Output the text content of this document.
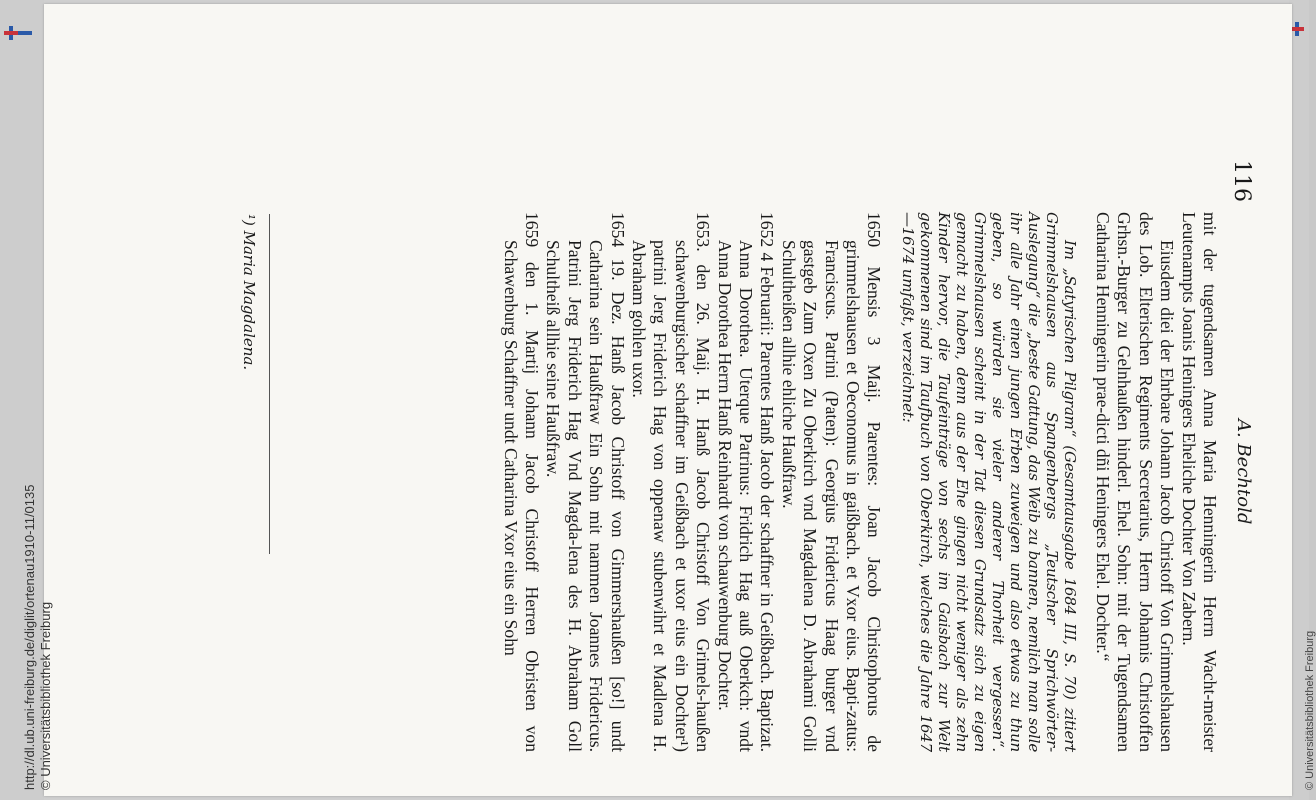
116
A. Bechtold

mit der tugendsamen Anna Maria Henningerin Herrn Wacht-meister Leutenampts Joanis Heningers Eheliche Dochter Von Zabern.

Eiusdem diei der Ehrbare Johann Jacob Christoff Von Grimmelshausen des Lob. Elterischen Regiments Secretarius, Herrn Johannis Christoffen Grhsn.-Burger zu Gelnhaußen hinderl. Ehel. Sohn: mit der Tugendsamen Catharina Henningerin prae-dicti dñi Heningers Ehel. Dochter.“

Im „Satyrischen Pilgram“ (Gesamtausgabe 1684 III, S. 70) zitiert Grimmelshausen aus Spangenbergs „Teutscher Sprichwörter-Auslegung“ die „beste Gattung, das Weib zu bannen, nemlich man solle ihr alle Jahr einen jungen Erben zuweigen und also etwas zu thun geben, so würden sie vieler anderer Thorheit vergessen“. Grimmelshausen scheint in der Tat diesen Grundsatz sich zu eigen gemacht zu haben, denn aus der Ehe gingen nicht weniger als zehn Kinder hervor, die Taufeinträge von sechs im Gaisbach zur Welt gekommenen sind im Taufbuch von Oberkirch, welches die Jahre 1647—1674 umfaßt, verzeichnet:

1650 Mensis 3 Maij. Parentes: Joan Jacob Christophorus de grimmelshausen et Oeconomus in gaißbach. et Vxor eius. Bapti-zatus: Franciscus. Patrini (Paten): Georgius Fridericus Haag burger vnd gastgeb Zum Oxen Zu Oberkirch vnd Magdalena D. Abrahami Golli Schultheißen allhie ehliche Haußfraw.

1652 4 Februarii: Parentes Hanß Jacob der schaffner in Geißbach. Baptizat. Anna Dorothea. Uterque Patrinus: Fridrich Hag auß Oberkch: vndt Anna Dorothea Herrn Hanß Reinhardt von schauwenburg Dochter.

1653. den 26. Maij. H. Hanß Jacob Christoff Von Grimels-haußen schawenburgischer schaffner im Geißbach et uxor eius ein Dochter¹) patrini Jerg Friderich Hag von oppenaw stubenwihrt et Madlena H. Abraham gohlen uxor.

1654 19. Dez. Hanß Jacob Christoff von Gimmershaußen [so!] undt Catharina sein Haußfraw Ein Sohn mit nammen Joannes Fridericus. Patrini Jerg Friderich Hag Vnd Magda-lena des H. Abraham Goll Schultheiß allhie seine Haußfraw.

1659 den 1. Martij Johann Jacob Christoff Herren Obristen von Schawenburg Schaffner undt Catharina Vxor eius ein Sohn

¹) Maria Magdalena.
http://dl.ub.uni-freiburg.de/diglit/ortenau1910-11/0135 © Universitätsbibliothek Freiburg	© Universitätsbibliothek Freiburg
